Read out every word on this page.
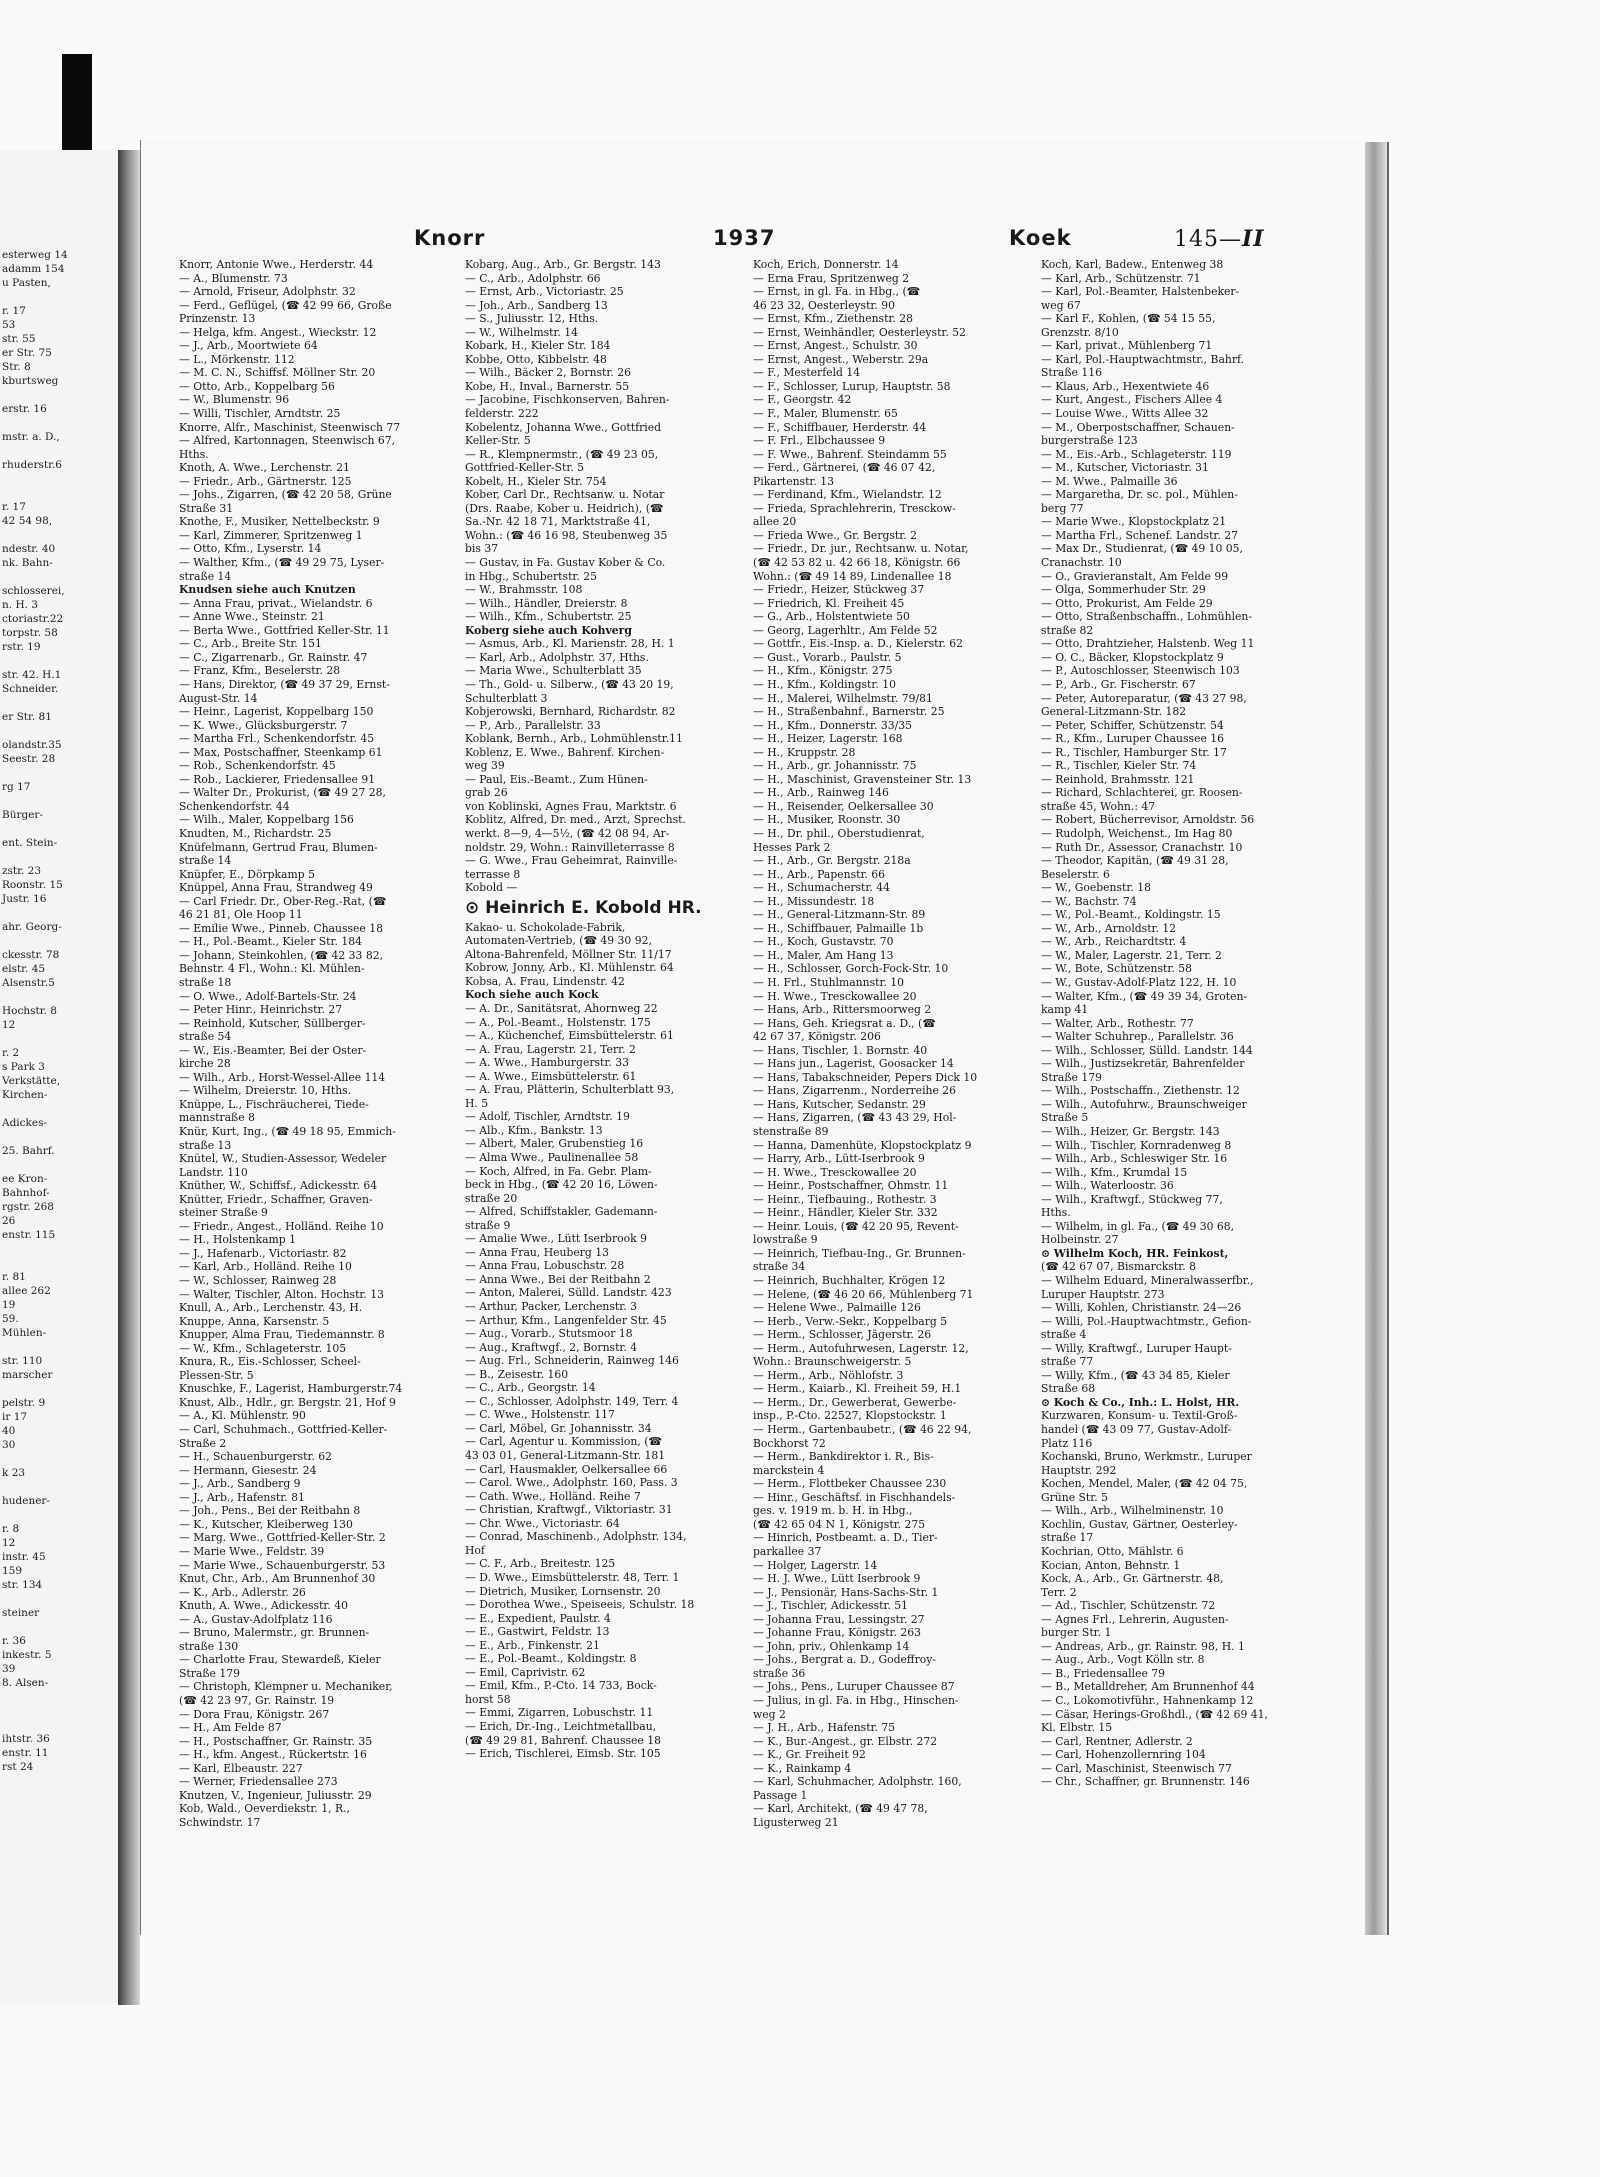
esterweg 14
adamm 154
u Pasten,

r. 17
53
str. 55
er Str. 75
Str. 8
kburtsweg

erstr. 16

mstr. a. D.,

rhuderstr.6

r. 17
42 54 98,

ndestr. 40
nk. Bahn-

schlosserei,
n. H. 3
ctoriastr.22
torpstr. 58
rstr. 19

str. 42. H.1
Schneider.

er Str. 81

olandstr.35
Seestr. 28

rg 17

Bürger-

ent. Stein-

zstr. 23
Roonstr. 15
Justr. 16

ahr. Georg-

ckesstr. 78
elstr. 45
Alsenstr.5

Hochstr. 8
12

r. 2
s Park 3
Verkstätte,
Kirchen-

Adickes-

25. Bahrf.

ee Kron-
Bahnhof-
rgstr. 268
26
enstr. 115

r. 81
allee 262
19
59.
Mühlen-

str. 110
marscher

pelstr. 9
ir 17
40
30

k 23

hudener-

r. 8
12
instr. 45
159
str. 134

steiner

r. 36
inkestr. 5
39
8. Alsen-

ihtstr. 36
enstr. 11
rst 24
Knorr	1937	Koek	145—II
Knorr, Antonie Wwe., Herderstr. 44
— A., Blumenstr. 73
— Arnold, Friseur, Adolphstr. 32
— Ferd., Geflügel, (☎ 42 99 66, Große
Prinzenstr. 13
— Helga, kfm. Angest., Wieckstr. 12
— J., Arb., Moortwiete 64
— L., Mörkenstr. 112
— M. C. N., Schiffsf. Möllner Str. 20
— Otto, Arb., Koppelbarg 56
— W., Blumenstr. 96
— Willi, Tischler, Arndtstr. 25
Knorre, Alfr., Maschinist, Steenwisch 77
— Alfred, Kartonnagen, Steenwisch 67,
Hths.
Knoth, A. Wwe., Lerchenstr. 21
— Friedr., Arb., Gärtnerstr. 125
— Johs., Zigarren, (☎ 42 20 58, Grüne
Straße 31
Knothe, F., Musiker, Nettelbeckstr. 9
— Karl, Zimmerer, Spritzenweg 1
— Otto, Kfm., Lyserstr. 14
— Walther, Kfm., (☎ 49 29 75, Lyser-
straße 14
Knudsen siehe auch Knutzen
— Anna Frau, privat., Wielandstr. 6
— Anne Wwe., Steinstr. 21
— Berta Wwe., Gottfried Keller-Str. 11
— C., Arb., Breite Str. 151
— C., Zigarrenarb., Gr. Rainstr. 47
— Franz, Kfm., Beselerstr. 28
— Hans, Direktor, (☎ 49 37 29, Ernst-
August-Str. 14
— Heinr., Lagerist, Koppelbarg 150
— K. Wwe., Glücksburgerstr. 7
— Martha Frl., Schenkendorfstr. 45
— Max, Postschaffner, Steenkamp 61
— Rob., Schenkendorfstr. 45
— Rob., Lackierer, Friedensallee 91
— Walter Dr., Prokurist, (☎ 49 27 28,
Schenkendorfstr. 44
— Wilh., Maler, Koppelbarg 156
Knudten, M., Richardstr. 25
Knüfelmann, Gertrud Frau, Blumen-
straße 14
Knüpfer, E., Dörpkamp 5
Knüppel, Anna Frau, Strandweg 49
— Carl Friedr. Dr., Ober-Reg.-Rat, (☎
46 21 81, Ole Hoop 11
— Emilie Wwe., Pinneb. Chaussee 18
— H., Pol.-Beamt., Kieler Str. 184
— Johann, Steinkohlen, (☎ 42 33 82,
Behnstr. 4 Fl., Wohn.: Kl. Mühlen-
straße 18
— O. Wwe., Adolf-Bartels-Str. 24
— Peter Hinr., Heinrichstr. 27
— Reinhold, Kutscher, Süllberger-
straße 54
— W., Eis.-Beamter, Bei der Oster-
kirche 28
— Wilh., Arb., Horst-Wessel-Allee 114
— Wilhelm, Dreierstr. 10, Hths.
Knüppe, L., Fischräucherei, Tiede-
mannstraße 8
Knür, Kurt, Ing., (☎ 49 18 95, Emmich-
straße 13
Knütel, W., Studien-Assessor, Wedeler
Landstr. 110
Knüther, W., Schiffsf., Adickesstr. 64
Knütter, Friedr., Schaffner, Graven-
steiner Straße 9
— Friedr., Angest., Holländ. Reihe 10
— H., Holstenkamp 1
— J., Hafenarb., Victoriastr. 82
— Karl, Arb., Holländ. Reihe 10
— W., Schlosser, Rainweg 28
— Walter, Tischler, Alton. Hochstr. 13
Knull, A., Arb., Lerchenstr. 43, H.
Knuppe, Anna, Karsenstr. 5
Knupper, Alma Frau, Tiedemannstr. 8
— W., Kfm., Schlageterstr. 105
Knura, R., Eis.-Schlosser, Scheel-
Plessen-Str. 5
Knuschke, F., Lagerist, Hamburgerstr.74
Knust, Alb., Hdlr., gr. Bergstr. 21, Hof 9
— A., Kl. Mühlenstr. 90
— Carl, Schuhmach., Gottfried-Keller-
Straße 2
— H., Schauenburgerstr. 62
— Hermann, Giesestr. 24
— J., Arb., Sandberg 9
— J., Arb., Hafenstr. 81
— Joh., Pens., Bei der Reitbahn 8
— K., Kutscher, Kleiberweg 130
— Marg. Wwe., Gottfried-Keller-Str. 2
— Marie Wwe., Feldstr. 39
— Marie Wwe., Schauenburgerstr. 53
Knut, Chr., Arb., Am Brunnenhof 30
— K., Arb., Adlerstr. 26
Knuth, A. Wwe., Adickesstr. 40
— A., Gustav-Adolfplatz 116
— Bruno, Malermstr., gr. Brunnen-
straße 130
— Charlotte Frau, Stewardeß, Kieler
Straße 179
— Christoph, Klempner u. Mechaniker,
(☎ 42 23 97, Gr. Rainstr. 19
— Dora Frau, Königstr. 267
— H., Am Felde 87
— H., Postschaffner, Gr. Rainstr. 35
— H., kfm. Angest., Rückertstr. 16
— Karl, Elbeaustr. 227
— Werner, Friedensallee 273
Knutzen, V., Ingenieur, Juliusstr. 29
Kob, Wald., Oeverdiekstr. 1, R.,
Schwindstr. 17
Kobarg, Aug., Arb., Gr. Bergstr. 143
— C., Arb., Adolphstr. 66
— Ernst, Arb., Victoriastr. 25
— Joh., Arb., Sandberg 13
— S., Juliusstr. 12, Hths.
— W., Wilhelmstr. 14
Kobark, H., Kieler Str. 184
Kobbe, Otto, Kibbelstr. 48
— Wilh., Bäcker 2, Bornstr. 26
Kobe, H., Inval., Barnerstr. 55
— Jacobine, Fischkonserven, Bahren-
felderstr. 222
Kobelentz, Johanna Wwe., Gottfried
Keller-Str. 5
— R., Klempnermstr., (☎ 49 23 05,
Gottfried-Keller-Str. 5
Kobelt, H., Kieler Str. 754
Kober, Carl Dr., Rechtsanw. u. Notar
(Drs. Raabe, Kober u. Heidrich), (☎
Sa.-Nr. 42 18 71, Marktstraße 41,
Wohn.: (☎ 46 16 98, Steubenweg 35
bis 37
— Gustav, in Fa. Gustav Kober & Co.
in Hbg., Schubertstr. 25
— W., Brahmsstr. 108
— Wilh., Händler, Dreierstr. 8
— Wilh., Kfm., Schubertstr. 25
Koberg siehe auch Kohverg
— Asmus, Arb., Kl. Marienstr. 28, H. 1
— Karl, Arb., Adolphstr. 37, Hths.
— Maria Wwe., Schulterblatt 35
— Th., Gold- u. Silberw., (☎ 43 20 19,
Schulterblatt 3
Kobjerowski, Bernhard, Richardstr. 82
— P., Arb., Parallelstr. 33
Koblank, Bernh., Arb., Lohmühlenstr.11
Koblenz, E. Wwe., Bahrenf. Kirchen-
weg 39
— Paul, Eis.-Beamt., Zum Hünen-
grab 26
von Koblinski, Agnes Frau, Marktstr. 6
Koblitz, Alfred, Dr. med., Arzt, Sprechst.
werkt. 8—9, 4—5½, (☎ 42 08 94, Ar-
noldstr. 29, Wohn.: Rainvilleterrasse 8
— G. Wwe., Frau Geheimrat, Rainville-
terrasse 8
Kobold —
⊙ Heinrich E. Kobold HR.
Kakao- u. Schokolade-Fabrik,
Automaten-Vertrieb, (☎ 49 30 92,
Altona-Bahrenfeld, Möllner Str. 11/17
Kobrow, Jonny, Arb., Kl. Mühlenstr. 64
Kobsa, A. Frau, Lindenstr. 42
Koch siehe auch Kock
— A. Dr., Sanitätsrat, Ahornweg 22
— A., Pol.-Beamt., Holstenstr. 175
— A., Küchenchef, Eimsbüttelerstr. 61
— A. Frau, Lagerstr. 21, Terr. 2
— A. Wwe., Hamburgerstr. 33
— A. Wwe., Eimsbüttelerstr. 61
— A. Frau, Plätterin, Schulterblatt 93,
H. 5
— Adolf, Tischler, Arndtstr. 19
— Alb., Kfm., Bankstr. 13
— Albert, Maler, Grubenstieg 16
— Alma Wwe., Paulinenallee 58
— Koch, Alfred, in Fa. Gebr. Plam-
beck in Hbg., (☎ 42 20 16, Löwen-
straße 20
— Alfred, Schiffstakler, Gademann-
straße 9
— Amalie Wwe., Lütt Iserbrook 9
— Anna Frau, Heuberg 13
— Anna Frau, Lobuschstr. 28
— Anna Wwe., Bei der Reitbahn 2
— Anton, Malerei, Sülld. Landstr. 423
— Arthur, Packer, Lerchenstr. 3
— Arthur, Kfm., Langenfelder Str. 45
— Aug., Vorarb., Stutsmoor 18
— Aug., Kraftwgf., 2, Bornstr. 4
— Aug. Frl., Schneiderin, Rainweg 146
— B., Zeisestr. 160
— C., Arb., Georgstr. 14
— C., Schlosser, Adolphstr. 149, Terr. 4
— C. Wwe., Holstenstr. 117
— Carl, Möbel, Gr. Johannisstr. 34
— Carl, Agentur u. Kommission, (☎
43 03 01, General-Litzmann-Str. 181
— Carl, Hausmakler, Oelkersallee 66
— Carol. Wwe., Adolphstr. 160, Pass. 3
— Cath. Wwe., Holländ. Reihe 7
— Christian, Kraftwgf., Viktoriastr. 31
— Chr. Wwe., Victoriastr. 64
— Conrad, Maschinenb., Adolphstr. 134,
Hof
— C. F., Arb., Breitestr. 125
— D. Wwe., Eimsbüttelerstr. 48, Terr. 1
— Dietrich, Musiker, Lornsenstr. 20
— Dorothea Wwe., Speiseeis, Schulstr. 18
— E., Expedient, Paulstr. 4
— E., Gastwirt, Feldstr. 13
— E., Arb., Finkenstr. 21
— E., Pol.-Beamt., Koldingstr. 8
— Emil, Caprivistr. 62
— Emil, Kfm., P.-Cto. 14 733, Bock-
horst 58
— Emmi, Zigarren, Lobuschstr. 11
— Erich, Dr.-Ing., Leichtmetallbau,
(☎ 49 29 81, Bahrenf. Chaussee 18
— Erich, Tischlerei, Eimsb. Str. 105
Koch, Erich, Donnerstr. 14
— Erna Frau, Spritzenweg 2
— Ernst, in gl. Fa. in Hbg., (☎
46 23 32, Oesterleystr. 90
— Ernst, Kfm., Ziethenstr. 28
— Ernst, Weinhändler, Oesterleystr. 52
— Ernst, Angest., Schulstr. 30
— Ernst, Angest., Weberstr. 29a
— F., Mesterfeld 14
— F., Schlosser, Lurup, Hauptstr. 58
— F., Georgstr. 42
— F., Maler, Blumenstr. 65
— F., Schiffbauer, Herderstr. 44
— F. Frl., Elbchaussee 9
— F. Wwe., Bahrenf. Steindamm 55
— Ferd., Gärtnerei, (☎ 46 07 42,
Pikartenstr. 13
— Ferdinand, Kfm., Wielandstr. 12
— Frieda, Sprachlehrerin, Tresckow-
allee 20
— Frieda Wwe., Gr. Bergstr. 2
— Friedr., Dr. jur., Rechtsanw. u. Notar,
(☎ 42 53 82 u. 42 66 18, Königstr. 66
Wohn.: (☎ 49 14 89, Lindenallee 18
— Friedr., Heizer, Stückweg 37
— Friedrich, Kl. Freiheit 45
— G., Arb., Holstentwiete 50
— Georg, Lagerhltr., Am Felde 52
— Gottfr., Eis.-Insp. a. D., Kielerstr. 62
— Gust., Vorarb., Paulstr. 5
— H., Kfm., Königstr. 275
— H., Kfm., Koldingstr. 10
— H., Malerei, Wilhelmstr. 79/81
— H., Straßenbahnf., Barnerstr. 25
— H., Kfm., Donnerstr. 33/35
— H., Heizer, Lagerstr. 168
— H., Kruppstr. 28
— H., Arb., gr. Johannisstr. 75
— H., Maschinist, Gravensteiner Str. 13
— H., Arb., Rainweg 146
— H., Reisender, Oelkersallee 30
— H., Musiker, Roonstr. 30
— H., Dr. phil., Oberstudienrat,
Hesses Park 2
— H., Arb., Gr. Bergstr. 218a
— H., Arb., Papenstr. 66
— H., Schumacherstr. 44
— H., Missundestr. 18
— H., General-Litzmann-Str. 89
— H., Schiffbauer, Palmaille 1b
— H., Koch, Gustavstr. 70
— H., Maler, Am Hang 13
— H., Schlosser, Gorch-Fock-Str. 10
— H. Frl., Stuhlmannstr. 10
— H. Wwe., Tresckowallee 20
— Hans, Arb., Rittersmoorweg 2
— Hans, Geh. Kriegsrat a. D., (☎
42 67 37, Königstr. 206
— Hans, Tischler, 1. Bornstr. 40
— Hans jun., Lagerist, Goosacker 14
— Hans, Tabakschneider, Pepers Dick 10
— Hans, Zigarrenm., Norderreihe 26
— Hans, Kutscher, Sedanstr. 29
— Hans, Zigarren, (☎ 43 43 29, Hol-
stenstraße 89
— Hanna, Damenhüte, Klopstockplatz 9
— Harry, Arb., Lütt-Iserbrook 9
— H. Wwe., Tresckowallee 20
— Heinr., Postschaffner, Ohmstr. 11
— Heinr., Tiefbauing., Rothestr. 3
— Heinr., Händler, Kieler Str. 332
— Heinr. Louis, (☎ 42 20 95, Revent-
lowstraße 9
— Heinrich, Tiefbau-Ing., Gr. Brunnen-
straße 34
— Heinrich, Buchhalter, Krögen 12
— Helene, (☎ 46 20 66, Mühlenberg 71
— Helene Wwe., Palmaille 126
— Herb., Verw.-Sekr., Koppelbarg 5
— Herm., Schlosser, Jägerstr. 26
— Herm., Autofuhrwesen, Lagerstr. 12,
Wohn.: Braunschweigerstr. 5
— Herm., Arb., Nöhlofstr. 3
— Herm., Kaiarb., Kl. Freiheit 59, H.1
— Herm., Dr., Gewerberat, Gewerbe-
insp., P.-Cto. 22527, Klopstockstr. 1
— Herm., Gartenbaubetr., (☎ 46 22 94,
Bockhorst 72
— Herm., Bankdirektor i. R., Bis-
marckstein 4
— Herm., Flottbeker Chaussee 230
— Hinr., Geschäftsf. in Fischhandels-
ges. v. 1919 m. b. H. in Hbg.,
(☎ 42 65 04 N 1, Königstr. 275
— Hinrich, Postbeamt. a. D., Tier-
parkallee 37
— Holger, Lagerstr. 14
— H. J. Wwe., Lütt Iserbrook 9
— J., Pensionär, Hans-Sachs-Str. 1
— J., Tischler, Adickesstr. 51
— Johanna Frau, Lessingstr. 27
— Johanne Frau, Königstr. 263
— John, priv., Ohlenkamp 14
— Johs., Bergrat a. D., Godeffroy-
straße 36
— Johs., Pens., Luruper Chaussee 87
— Julius, in gl. Fa. in Hbg., Hinschen-
weg 2
— J. H., Arb., Hafenstr. 75
— K., Bur.-Angest., gr. Elbstr. 272
— K., Gr. Freiheit 92
— K., Rainkamp 4
— Karl, Schuhmacher, Adolphstr. 160,
Passage 1
— Karl, Architekt, (☎ 49 47 78,
Ligusterweg 21
Koch, Karl, Badew., Entenweg 38
— Karl, Arb., Schützenstr. 71
— Karl, Pol.-Beamter, Halstenbeker-
weg 67
— Karl F., Kohlen, (☎ 54 15 55,
Grenzstr. 8/10
— Karl, privat., Mühlenberg 71
— Karl, Pol.-Hauptwachtmstr., Bahrf.
Straße 116
— Klaus, Arb., Hexentwiete 46
— Kurt, Angest., Fischers Allee 4
— Louise Wwe., Witts Allee 32
— M., Oberpostschaffner, Schauen-
burgerstraße 123
— M., Eis.-Arb., Schlageterstr. 119
— M., Kutscher, Victoriastr. 31
— M. Wwe., Palmaille 36
— Margaretha, Dr. sc. pol., Mühlen-
berg 77
— Marie Wwe., Klopstockplatz 21
— Martha Frl., Schenef. Landstr. 27
— Max Dr., Studienrat, (☎ 49 10 05,
Cranachstr. 10
— O., Gravieranstalt, Am Felde 99
— Olga, Sommerhuder Str. 29
— Otto, Prokurist, Am Felde 29
— Otto, Straßenbschaffn., Lohmühlen-
straße 82
— Otto, Drahtzieher, Halstenb. Weg 11
— O. C., Bäcker, Klopstockplatz 9
— P., Autoschlosser, Steenwisch 103
— P., Arb., Gr. Fischerstr. 67
— Peter, Autoreparatur, (☎ 43 27 98,
General-Litzmann-Str. 182
— Peter, Schiffer, Schützenstr. 54
— R., Kfm., Luruper Chaussee 16
— R., Tischler, Hamburger Str. 17
— R., Tischler, Kieler Str. 74
— Reinhold, Brahmsstr. 121
— Richard, Schlachterei, gr. Roosen-
straße 45, Wohn.: 47
— Robert, Bücherrevisor, Arnoldstr. 56
— Rudolph, Weichenst., Im Hag 80
— Ruth Dr., Assessor, Cranachstr. 10
— Theodor, Kapitän, (☎ 49 31 28,
Beselerstr. 6
— W., Goebenstr. 18
— W., Bachstr. 74
— W., Pol.-Beamt., Koldingstr. 15
— W., Arb., Arnoldstr. 12
— W., Arb., Reichardtstr. 4
— W., Maler, Lagerstr. 21, Terr. 2
— W., Bote, Schützenstr. 58
— W., Gustav-Adolf-Platz 122, H. 10
— Walter, Kfm., (☎ 49 39 34, Groten-
kamp 41
— Walter, Arb., Rothestr. 77
— Walter Schuhrep., Parallelstr. 36
— Wilh., Schlosser, Sülld. Landstr. 144
— Wilh., Justizsekretär, Bahrenfelder
Straße 179
— Wilh., Postschaffn., Ziethenstr. 12
— Wilh., Autofuhrw., Braunschweiger
Straße 5
— Wilh., Heizer, Gr. Bergstr. 143
— Wilh., Tischler, Kornradenweg 8
— Wilh., Arb., Schleswiger Str. 16
— Wilh., Kfm., Krumdal 15
— Wilh., Waterloostr. 36
— Wilh., Kraftwgf., Stückweg 77,
Hths.
— Wilhelm, in gl. Fa., (☎ 49 30 68,
Holbeinstr. 27
⊙ Wilhelm Koch, HR. Feinkost,
(☎ 42 67 07, Bismarckstr. 8
— Wilhelm Eduard, Mineralwasserfbr.,
Luruper Hauptstr. 273
— Willi, Kohlen, Christianstr. 24—26
— Willi, Pol.-Hauptwachtmstr., Gefion-
straße 4
— Willy, Kraftwgf., Luruper Haupt-
straße 77
— Willy, Kfm., (☎ 43 34 85, Kieler
Straße 68
⊙ Koch & Co., Inh.: L. Holst, HR.
Kurzwaren, Konsum- u. Textil-Groß-
handel (☎ 43 09 77, Gustav-Adolf-
Platz 116
Kochanski, Bruno, Werkmstr., Luruper
Hauptstr. 292
Kochen, Mendel, Maler, (☎ 42 04 75,
Grüne Str. 5
— Wilh., Arb., Wilhelminenstr. 10
Kochlin, Gustav, Gärtner, Oesterley-
straße 17
Kochrian, Otto, Mählstr. 6
Kocian, Anton, Behnstr. 1
Kock, A., Arb., Gr. Gärtnerstr. 48,
Terr. 2
— Ad., Tischler, Schützenstr. 72
— Agnes Frl., Lehrerin, Augusten-
burger Str. 1
— Andreas, Arb., gr. Rainstr. 98, H. 1
— Aug., Arb., Vogt Kölln str. 8
— B., Friedensallee 79
— B., Metalldreher, Am Brunnenhof 44
— C., Lokomotivführ., Hahnenkamp 12
— Cäsar, Herings-Großhdl., (☎ 42 69 41,
Kl. Elbstr. 15
— Carl, Rentner, Adlerstr. 2
— Carl, Hohenzollernring 104
— Carl, Maschinist, Steenwisch 77
— Chr., Schaffner, gr. Brunnenstr. 146
